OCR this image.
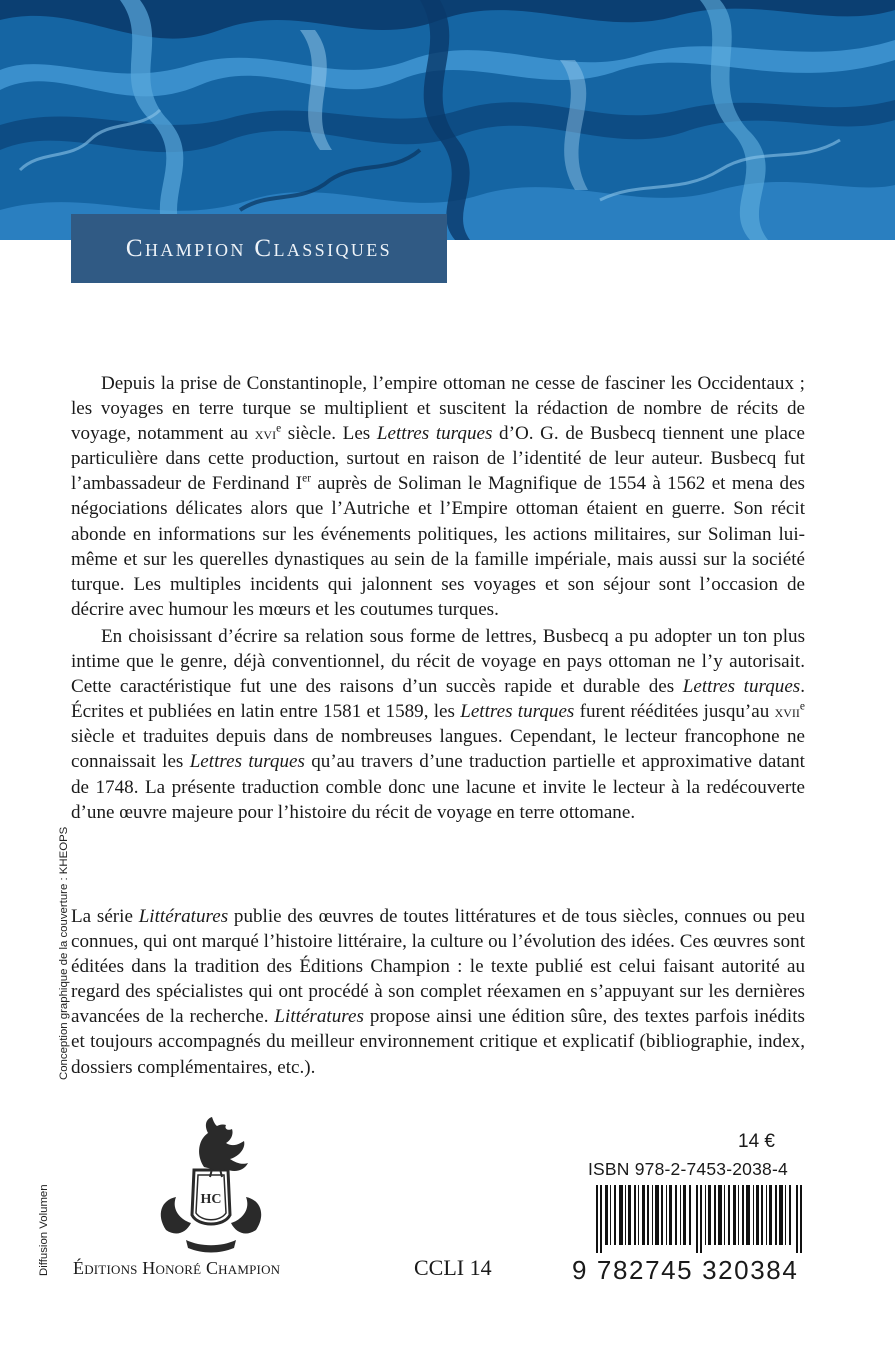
Champion Classiques

Depuis la prise de Constantinople, l’empire ottoman ne cesse de fasciner les Occidentaux ; les voyages en terre turque se multiplient et suscitent la rédaction de nombre de récits de voyage, notamment au xvi$^e$ siècle. Les Lettres turques d’O. G. de Busbecq tiennent une place particulière dans cette production, surtout en raison de l’identité de leur auteur. Busbecq fut l’ambassadeur de Ferdinand Ier auprès de Soliman le Magnifique de 1554 à 1562 et mena des négociations délicates alors que l’Autriche et l’Empire ottoman étaient en guerre. Son récit abonde en informations sur les événements politiques, les actions militaires, sur Soliman lui-même et sur les querelles dynastiques au sein de la famille impériale, mais aussi sur la société turque. Les multiples incidents qui jalonnent ses voyages et son séjour sont l’occasion de décrire avec humour les mœurs et les coutumes turques.

En choisissant d’écrire sa relation sous forme de lettres, Busbecq a pu adopter un ton plus intime que le genre, déjà conventionnel, du récit de voyage en pays ottoman ne l’y autorisait. Cette caractéristique fut une des raisons d’un succès rapide et durable des Lettres turques. Écrites et publiées en latin entre 1581 et 1589, les Lettres turques furent rééditées jusqu’au xvii$^e$ siècle et traduites depuis dans de nombreuses langues. Cependant, le lecteur francophone ne connaissait les Lettres turques qu’au travers d’une traduction partielle et approximative datant de 1748. La présente traduction comble donc une lacune et invite le lecteur à la redécouverte d’une œuvre majeure pour l’histoire du récit de voyage en terre ottomane.

La série Littératures publie des œuvres de toutes littératures et de tous siècles, connues ou peu connues, qui ont marqué l’histoire littéraire, la culture ou l’évolution des idées. Ces œuvres sont éditées dans la tradition des Éditions Champion : le texte publié est celui faisant autorité au regard des spécialistes qui ont procédé à son complet réexamen en s’appuyant sur les dernières avancées de la recherche. Littératures propose ainsi une édition sûre, des textes parfois inédits et toujours accompagnés du meilleur environnement critique et explicatif (bibliographie, index, dossiers complémentaires, etc.).

Diffusion Volumen
Conception graphique de la couverture : KHEOPS
HC
Éditions Honoré Champion	CCLI 14
14 €
ISBN 978-2-7453-2038-4
9 782745 320384
